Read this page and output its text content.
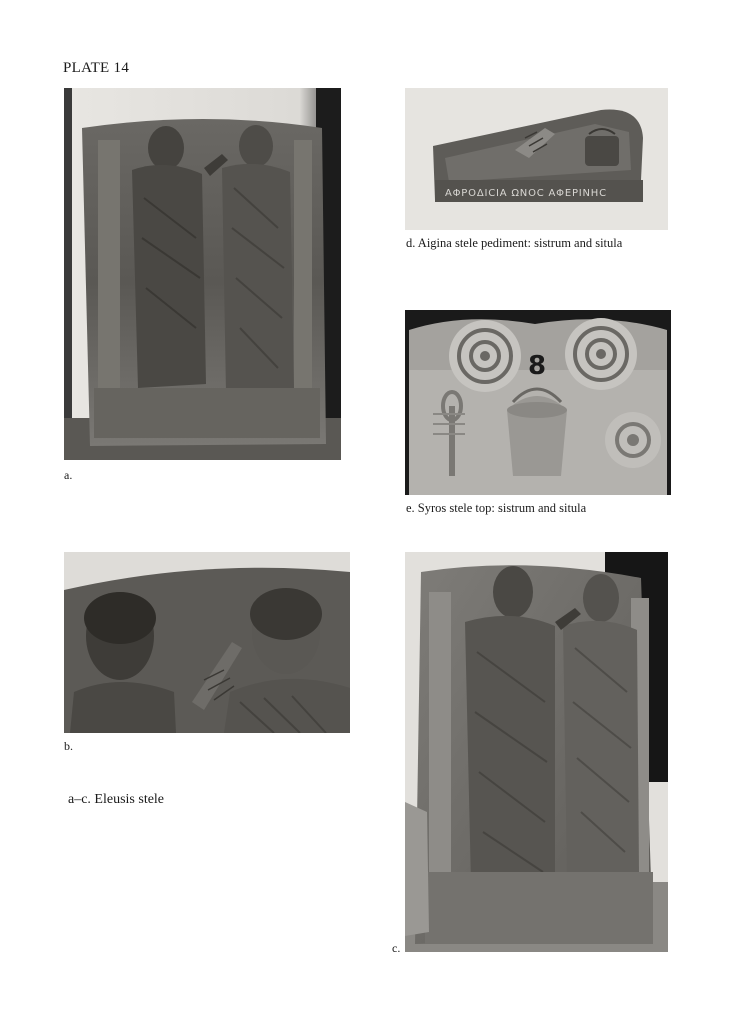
PLATE 14
a.
ΑΦΡΟΔΙCΙΑ ΩΝΟC ΑΦΕΡΙΝΗC
d. Aigina stele pediment: sistrum and situla
8
e. Syros stele top: sistrum and situla
b.
a–c. Eleusis stele
c.
